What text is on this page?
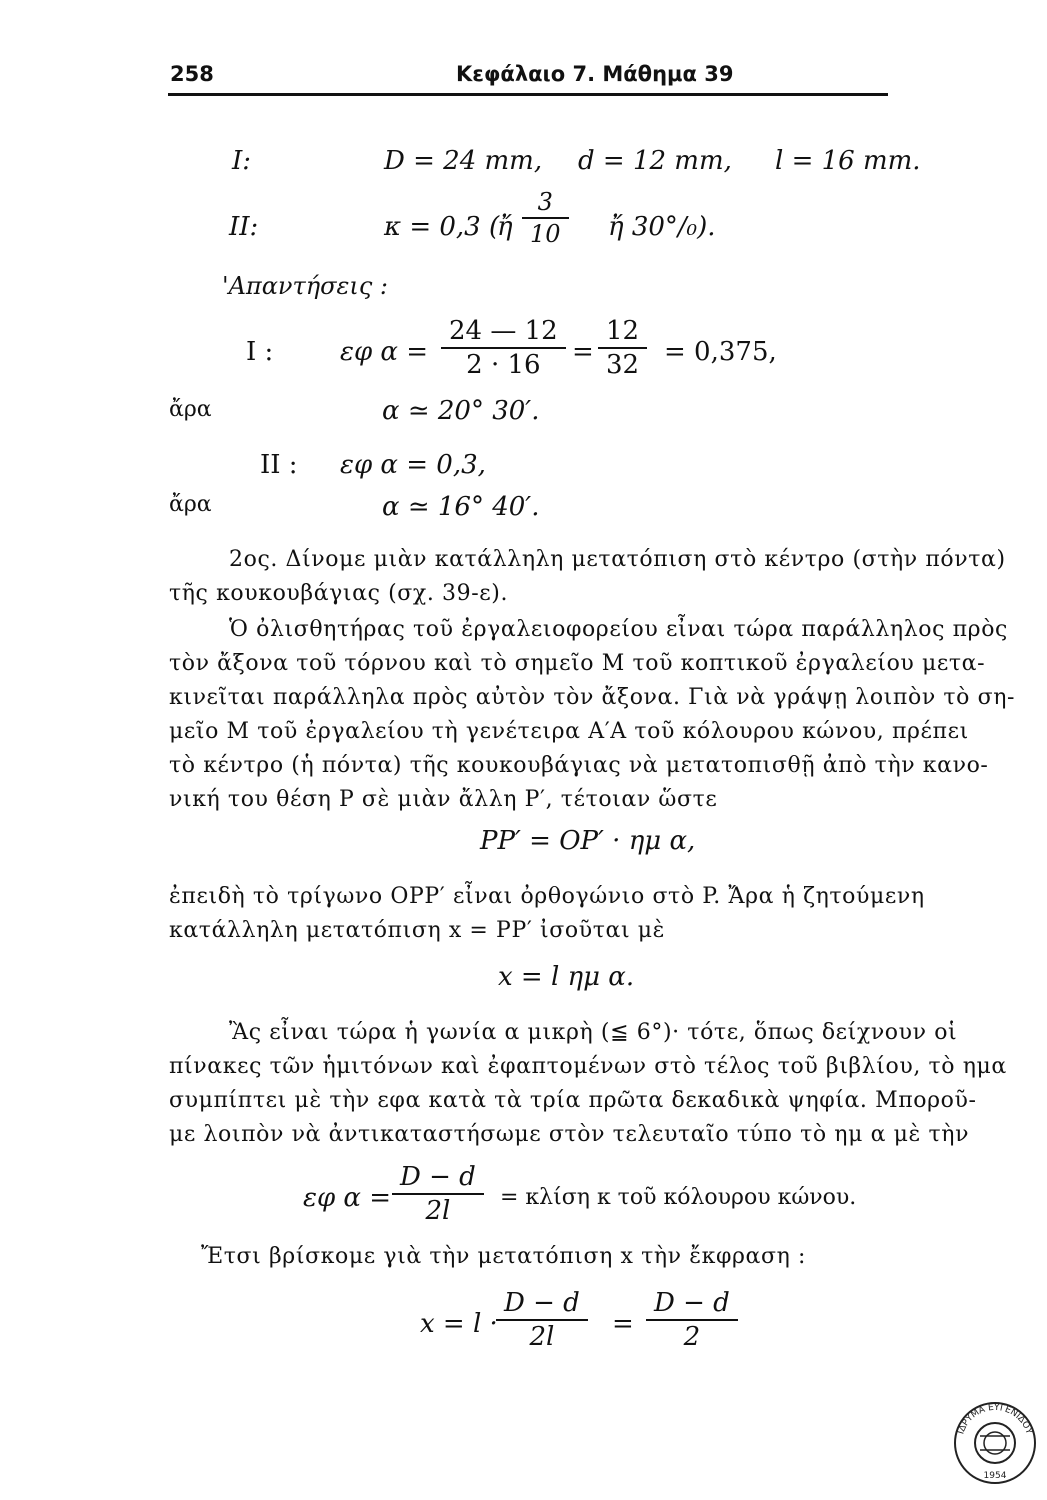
258	Κεφάλαιο 7. Μάθημα 39
I:	D = 24 mm, d = 12 mm, l = 16 mm.
II:	κ = 0,3 (
ἤ $\frac{3}{10}$ ἤ 30°/₀).
'Απαντήσεις :
I :	εφ $\alpha = \frac{24 — 12}{2 \cdot 16} = \frac{12}{32} = 0,375$,
ἄρα	α ≃ 20° 30′.
II : εφ α = 0,3,
ἄρα	α ≃ 16° 40′.
2ος. Δίνομε μιὰν κατάλληλη μετατόπιση στὸ κέντρο (στὴν πόντα)
τῆς κουκουβάγιας (σχ. 39-ε).
Ὁ ὀλισθητήρας τοῦ ἐργαλειοφορείου εἶναι τώρα παράλληλος πρὸς
τὸν ἄξονα τοῦ τόρνου καὶ τὸ σημεῖο M τοῦ κοπτικοῦ ἐργαλείου μετα-
κινεῖται παράλληλα πρὸς αὐτὸν τὸν ἄξονα. Γιὰ νὰ γράψῃ λοιπὸν τὸ ση-
μεῖο M τοῦ ἐργαλείου τὴ γενέτειρα A′A τοῦ κόλουρου κώνου, πρέπει
τὸ κέντρο (ἡ πόντα) τῆς κουκουβάγιας νὰ μετατοπισθῇ ἀπὸ τὴν κανο-
νική του θέση P σὲ μιὰν ἄλλη P′, τέτοιαν ὥστε
PP′ = OP′ · ημ α,
ἐπειδὴ τὸ τρίγωνο OPP′ εἶναι ὀρθογώνιο στὸ P. Ἄρα ἡ ζητούμενη
κατάλληλη μετατόπιση x = PP′ ἰσοῦται μὲ
x = l ημ α.
Ἂς εἶναι τώρα ἡ γωνία α μικρὴ (≦ 6°)· τότε, ὅπως δείχνουν οἱ
πίνακες τῶν ἡμιτόνων καὶ ἐφαπτομένων στὸ τέλος τοῦ βιβλίου, τὸ ημα
συμπίπτει μὲ τὴν εφα κατὰ τὰ τρία πρῶτα δεκαδικὰ ψηφία. Μποροῦ-
με λοιπὸν νὰ ἀντικαταστήσωμε στὸν τελευταῖο τύπο τὸ ημ α μὲ τὴν
εφ $\alpha = \frac{D - d}{2l} = \kappa\lambda ί\sigma\eta$ κ τοῦ κόλουρου κώνου.
Ἔτσι βρίσκομε γιὰ τὴν μετατόπιση x τὴν ἔκφραση :
$x = l \cdot \frac{D - d}{2l} = \frac{D - d}{2}$
ΙΔΡΥΜΑ ΕΥΓΕΝΙΔΟΥ
1954
